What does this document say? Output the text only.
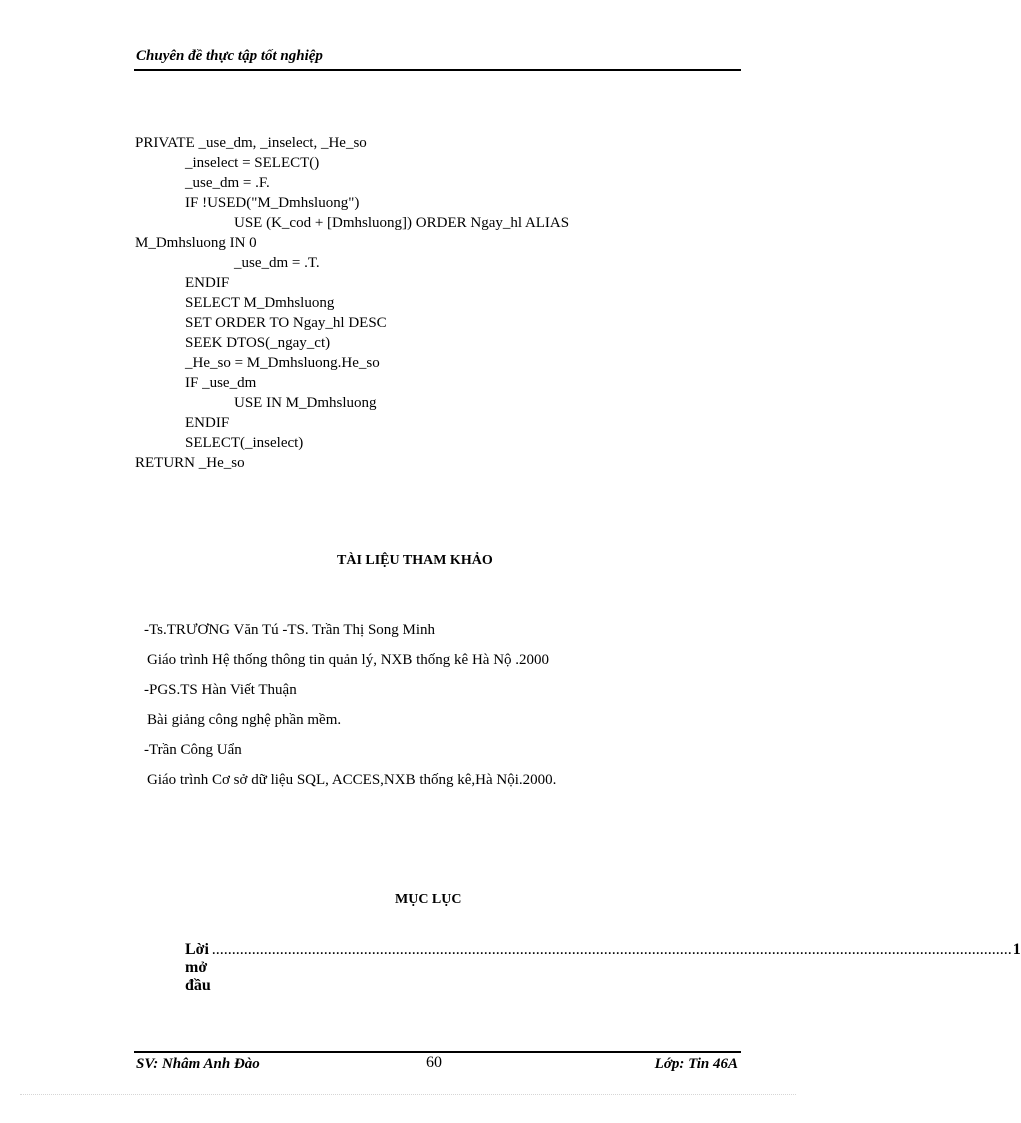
Chuyên đề thực tập tốt nghiệp
PRIVATE _use_dm, _inselect, _He_so
_inselect = SELECT()
_use_dm = .F.
IF !USED("M_Dmhsluong")
USE (K_cod + [Dmhsluong]) ORDER Ngay_hl ALIAS
M_Dmhsluong IN 0
_use_dm = .T.
ENDIF
SELECT M_Dmhsluong
SET ORDER TO Ngay_hl DESC
SEEK DTOS(_ngay_ct)
_He_so = M_Dmhsluong.He_so
IF _use_dm
USE IN M_Dmhsluong
ENDIF
SELECT(_inselect)
RETURN _He_so
TÀI LIỆU THAM KHẢO
-Ts.TRƯƠNG Văn Tú -TS. Trần Thị Song Minh
Giáo trình Hệ thống thông tin quản lý, NXB thống kê Hà Nộ .2000
-PGS.TS Hàn Viết Thuận
Bài giảng công nghệ phần mềm.
-Trần Công Uẩn
Giáo trình Cơ sở dữ liệu SQL, ACCES,NXB thống kê,Hà Nội.2000.
MỤC LỤC
Lời mở đầu
........................................................................................................................................................................................................ 1
SV: Nhâm Anh Đào	60	Lớp: Tin 46A
